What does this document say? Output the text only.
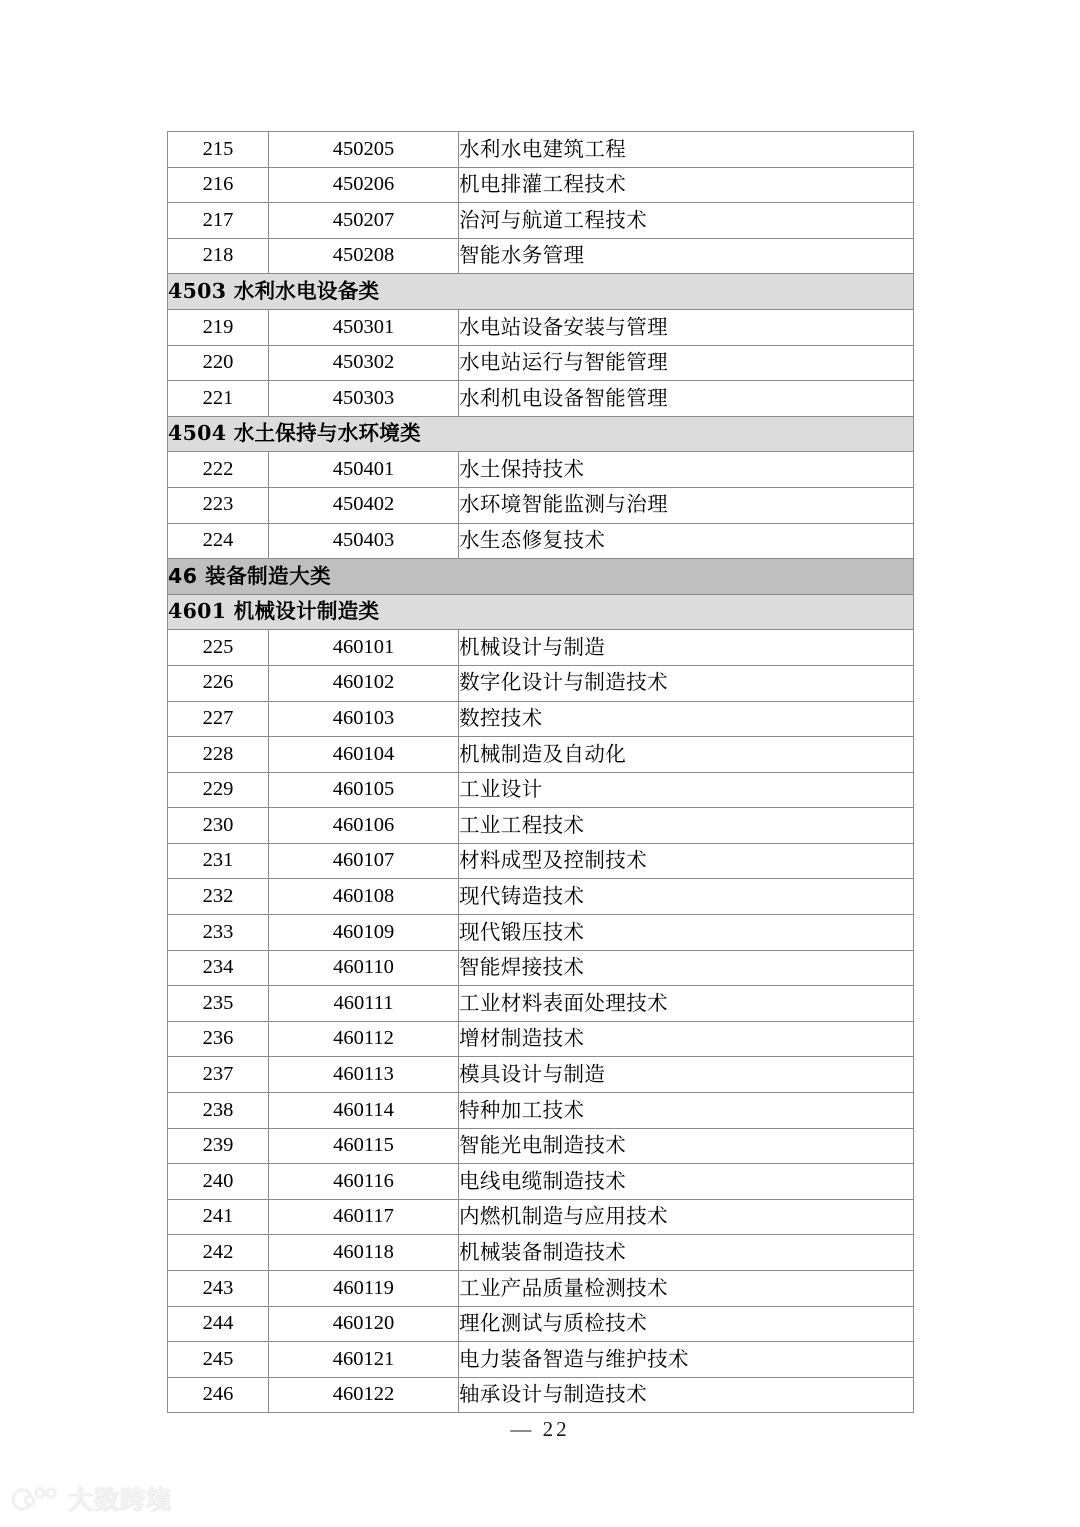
215	450205	水利水电建筑工程
216	450206	机电排灌工程技术
217	450207	治河与航道工程技术
218	450208	智能水务管理
4503 水利水电设备类		
219	450301	水电站设备安装与管理
220	450302	水电站运行与智能管理
221	450303	水利机电设备智能管理
4504 水土保持与水环境类		
222	450401	水土保持技术
223	450402	水环境智能监测与治理
224	450403	水生态修复技术
46 装备制造大类		
4601 机械设计制造类		
225	460101	机械设计与制造
226	460102	数字化设计与制造技术
227	460103	数控技术
228	460104	机械制造及自动化
229	460105	工业设计
230	460106	工业工程技术
231	460107	材料成型及控制技术
232	460108	现代铸造技术
233	460109	现代锻压技术
234	460110	智能焊接技术
235	460111	工业材料表面处理技术
236	460112	增材制造技术
237	460113	模具设计与制造
238	460114	特种加工技术
239	460115	智能光电制造技术
240	460116	电线电缆制造技术
241	460117	内燃机制造与应用技术
242	460118	机械装备制造技术
243	460119	工业产品质量检测技术
244	460120	理化测试与质检技术
245	460121	电力装备智造与维护技术
246	460122	轴承设计与制造技术
— 22
大数跨境
